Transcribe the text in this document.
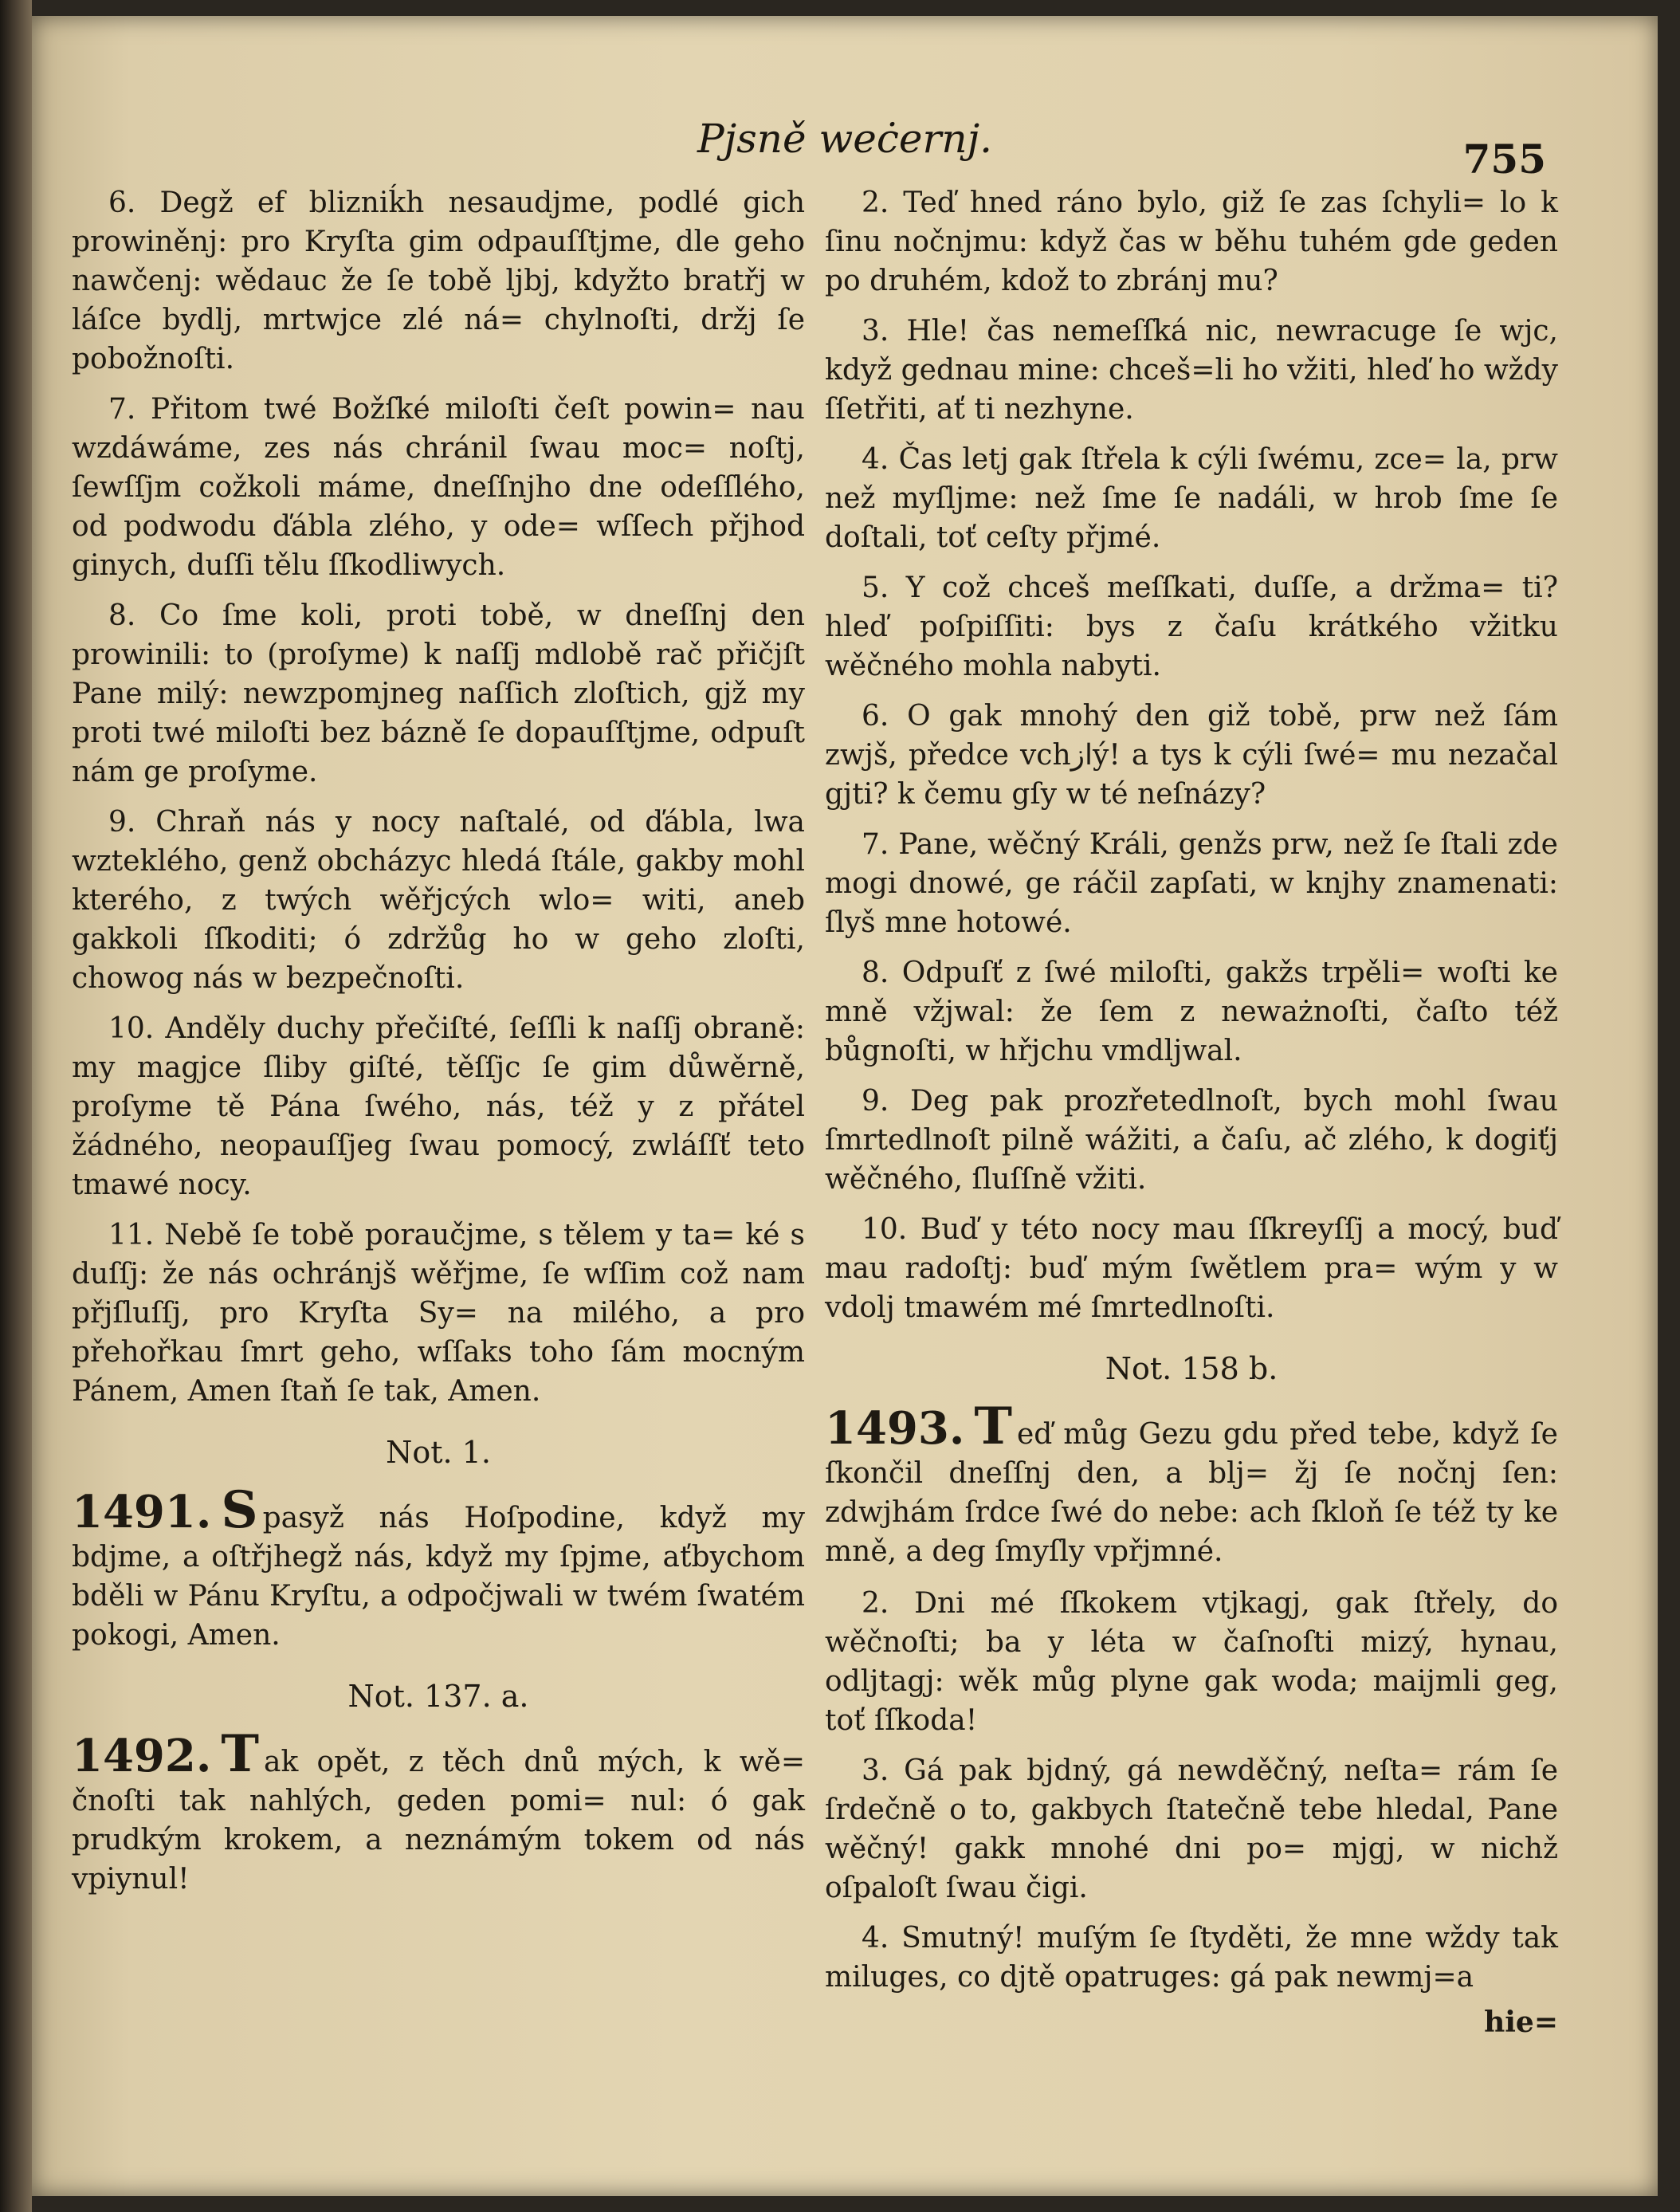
Pjsně weċernj.	755

6. Degž ef blizniḱh nesaudjme, podlé gich prowiněnj: pro Kryſta gim odpauſſtjme, dle geho nawčenj: wědauc že ſe tobě ljbj, kdyžto bratřj w láſce bydlj, mrtwjce zlé ná= chylnoſti, držj ſe pobožnoſti.

7. Přitom twé Božſké miloſti čeſt powin= nau wzdáwáme, zes nás chránil ſwau moc= noſtj, ſewſſjm cožkoli máme, dneſſnjho dne odeſſlého, od podwodu ďábla zlého, y ode= wſſech přjhod ginych, duſſi tělu ſſkodliwych.

8. Co ſme koli, proti tobě, w dneſſnj den prowinili: to (proſyme) k naſſj mdlobě rač přičjſt Pane milý: newzpomjneg naſſich zloſtich, gjž my proti twé miloſti bez bázně ſe dopauſſtjme, odpuſt nám ge proſyme.

9. Chraň nás y nocy naſtalé, od ďábla, lwa wzteklého, genž obcházyc hledá ſtále, gakby mohl kterého, z twých wěřjcých wlo= witi, aneb gakkoli ſſkoditi; ó zdržůg ho w geho zloſti, chowog nás w bezpečnoſti.

10. Anděly duchy přečiſté, ſeſſli k naſſj obraně: my magjce ſliby giſté, těſſjc ſe gim důwěrně, proſyme tě Pána ſwého, nás, též y z přátel žádného, neopauſſjeg ſwau pomocý, zwláſſť teto tmawé nocy.

11. Nebě ſe tobě poraučjme, s tělem y ta= ké s duſſj: že nás ochránjš wěřjme, ſe wſſim což nam přjſluſſj, pro Kryſta Sy= na milého, a pro přehořkau ſmrt geho, wſſaks toho ſám mocným Pánem, Amen ſtaň ſe tak, Amen.

Not. 1.

1491. S pasyž nás Hoſpodine, když my bdjme, a oſtřjhegž nás, když my ſpjme, aťbychom bděli w Pánu Kryſtu, a odpočjwali w twém ſwatém pokogi, Amen.

Not. 137. a.

1492. T ak opět, z těch dnů mých, k wě= čnoſti tak nahlých, geden pomi= nul: ó gak prudkým krokem, a neznámým tokem od nás vpiynul!

2. Teď hned ráno bylo, giž ſe zas ſchyli= lo k ſinu nočnjmu: když čas w běhu tuhém gde geden po druhém, kdož to zbránj mu?

3. Hle! čas nemeſſká nic, newracuge ſe wjc, když gednau mine: chceš=li ho vžiti, hleď ho wždy ſſetřiti, ať ti nezhyne.

4. Čas letj gak ſtřela k cýli ſwému, zce= la, prw než myſljme: než ſme ſe nadáli, w hrob ſme ſe doſtali, toť ceſty přjmé.

5. Y což chceš meſſkati, duſſe, a držma= ti? hleď poſpiſſiti: bys z čaſu krátkého vžitku wěčného mohla nabyti.

6. O gak mnohý den giž tobě, prw než ſám zwjš, předce vchازý! a tys k cýli ſwé= mu nezačal gjti? k čemu gſy w té neſnázy?

7. Pane, wěčný Králi, genžs prw, než ſe ſtali zde mogi dnowé, ge ráčil zapſati, w knjhy znamenati: ſlyš mne hotowé.

8. Odpuſť z ſwé miloſti, gakžs trpěli= woſti ke mně vžjwal: že ſem z neważnoſti, čaſto též bůgnoſti, w hřjchu vmdljwal.

9. Deg pak prozřetedlnoſt, bych mohl ſwau ſmrtedlnoſt pilně wážiti, a čaſu, ač zlého, k dogiťj wěčného, ſluſſně vžiti.

10. Buď y této nocy mau ſſkreyſſj a mocý, buď mau radoſtj: buď mým ſwětlem pra= wým y w vdolj tmawém mé ſmrtedlnoſti.

Not. 158 b.

1493. T eď můg Gezu gdu před tebe, když ſe ſkončil dneſſnj den, a blj= žj ſe nočnj ſen: zdwjhám ſrdce ſwé do nebe: ach ſkloň ſe též ty ke mně, a deg ſmyſly vpřjmné.

2. Dni mé ſſkokem vtjkagj, gak ſtřely, do wěčnoſti; ba y léta w čaſnoſti mizý, hynau, odljtagj: wěk můg plyne gak woda; maijmli geg, toť ſſkoda!

3. Gá pak bjdný, gá newděčný, neſta= rám ſe ſrdečně o to, gakbych ſtatečně tebe hledal, Pane wěčný! gakk mnohé dni po= mjgj, w nichž oſpaloſt ſwau čigi.

4. Smutný! muſým ſe ſtyděti, že mne wždy tak miluges, co djtě opatruges: gá pak newmj=a

hie=
